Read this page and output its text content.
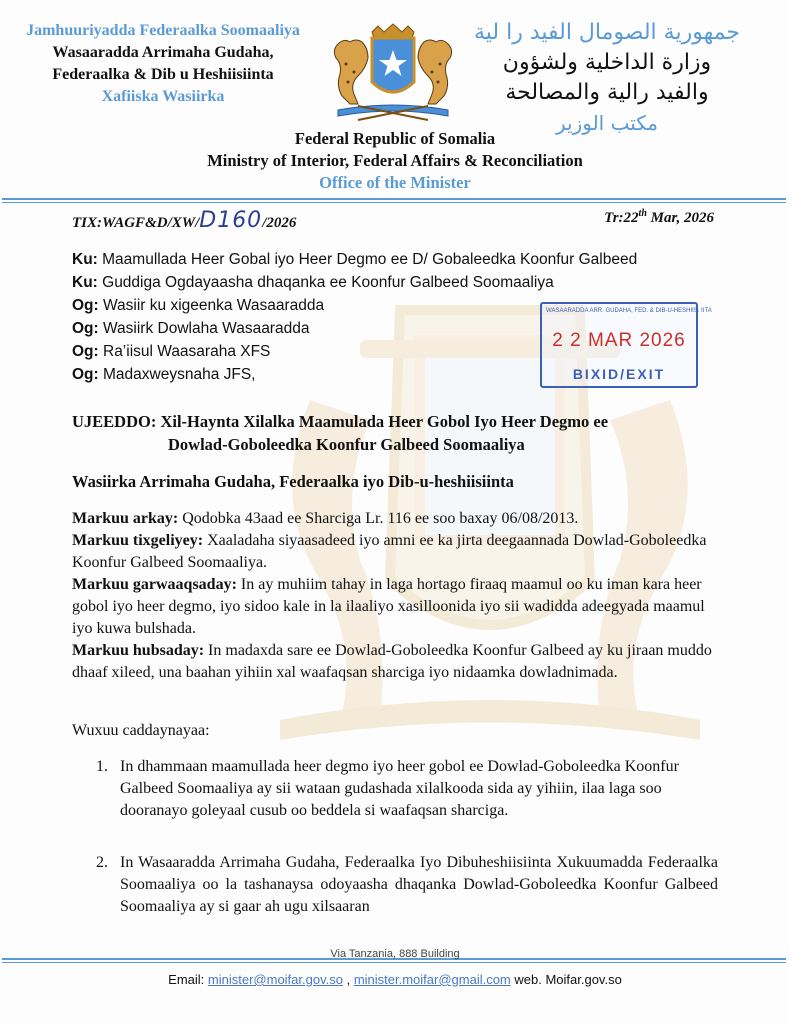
Jamhuuriyadda Federaalka Soomaaliya
Wasaaradda Arrimaha Gudaha,
Federaalka & Dib u Heshiisiinta
Xafiiska Wasiirka
جمهورية الصومال الفيد را لية
وزارة الداخلية ولشؤون
والفيد رالية والمصالحة
مكتب الوزير
Federal Republic of Somalia
Ministry of Interior, Federal Affairs & Reconciliation
Office of the Minister
TIX:WAGF&D/XW/D160/2026	Tr:22th Mar, 2026
Ku: Maamullada Heer Gobal iyo Heer Degmo ee D/ Gobaleedka Koonfur Galbeed
Ku: Guddiga Ogdayaasha dhaqanka ee Koonfur Galbeed Soomaaliya
Og: Wasiir ku xigeenka Wasaaradda
Og: Wasiirk Dowlaha Wasaaradda
Og: Ra’iisul Waasaraha XFS
Og: Madaxweysnaha JFS,
WASAARADDA ARR. GUDAHA, FED. & DIB-U-HESHIIS. IITA
2 2 MAR 2026
BIXID/EXIT
UJEEDDO: Xil-Haynta Xilalka Maamulada Heer Gobol Iyo Heer Degmo ee
Dowlad-Goboleedka Koonfur Galbeed Soomaaliya
Wasiirka Arrimaha Gudaha, Federaalka iyo Dib-u-heshiisiinta
Markuu arkay: Qodobka 43aad ee Sharciga Lr. 116 ee soo baxay 06/08/2013.
Markuu tixgeliyey: Xaaladaha siyaasadeed iyo amni ee ka jirta deegaannada Dowlad-Goboleedka Koonfur Galbeed Soomaaliya.
Markuu garwaaqsaday: In ay muhiim tahay in laga hortago firaaq maamul oo ku iman kara heer gobol iyo heer degmo, iyo sidoo kale in la ilaaliyo xasilloonida iyo sii wadidda adeegyada maamul iyo kuwa bulshada.
Markuu hubsaday: In madaxda sare ee Dowlad-Goboleedka Koonfur Galbeed ay ku jiraan muddo dhaaf xileed, una baahan yihiin xal waafaqsan sharciga iyo nidaamka dowladnimada.
Wuxuu caddaynayaa:
1. In dhammaan maamullada heer degmo iyo heer gobol ee Dowlad-Goboleedka Koonfur Galbeed Soomaaliya ay sii wataan gudashada xilalkooda sida ay yihiin, ilaa laga soo dooranayo goleyaal cusub oo beddela si waafaqsan sharciga.
2. In Wasaaradda Arrimaha Gudaha, Federaalka Iyo Dibuheshiisiinta Xukuumadda Federaalka Soomaaliya oo la tashanaysa odoyaasha dhaqanka Dowlad-Goboleedka Koonfur Galbeed Soomaaliya ay si gaar ah ugu xilsaaran
Via Tanzania, 888 Building
Email: minister@moifar.gov.so , minister.moifar@gmail.com web. Moifar.gov.so
